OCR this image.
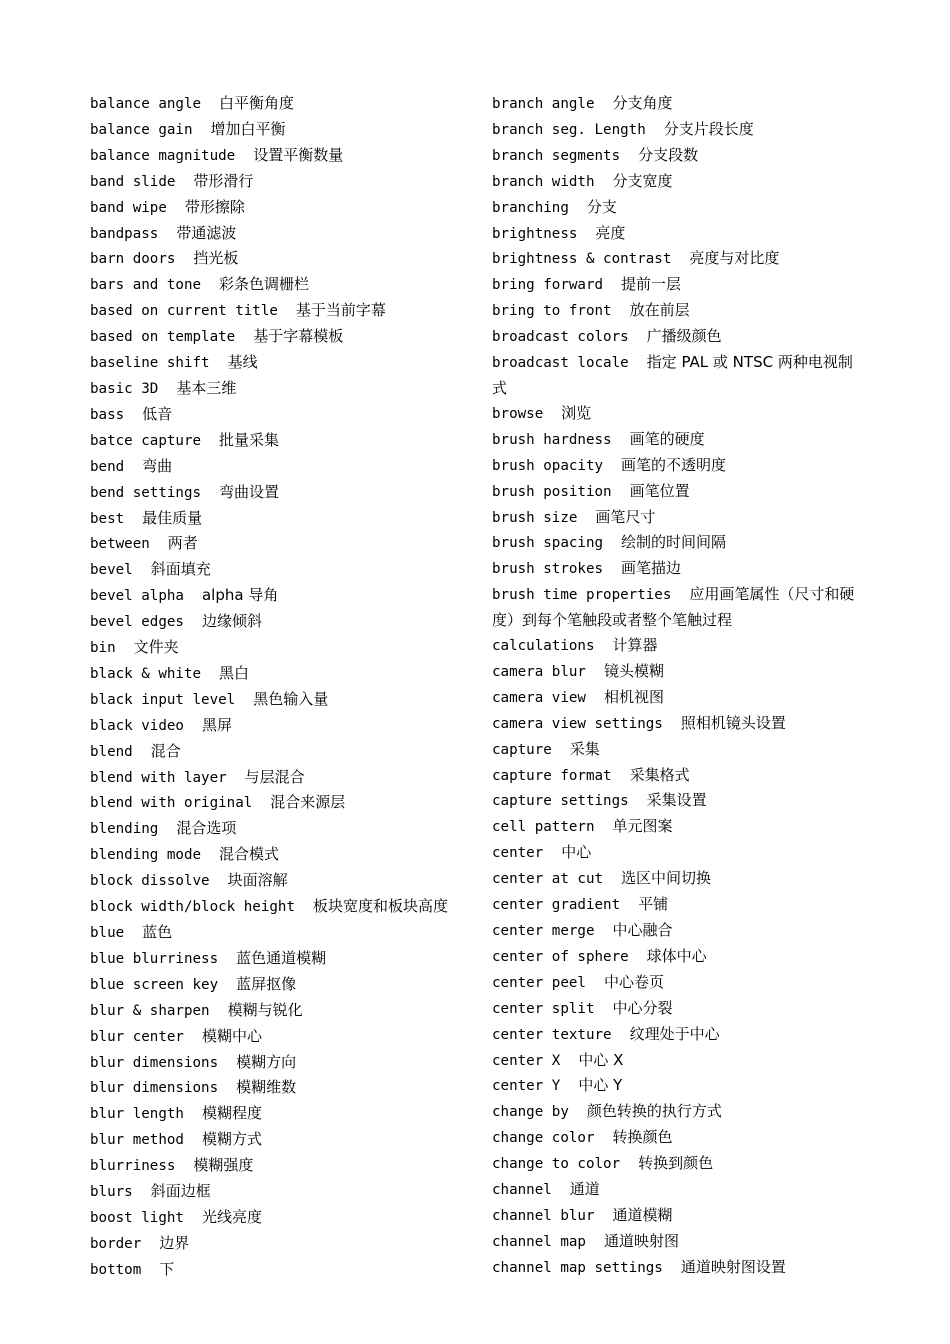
balance angle 白平衡角度
balance gain 增加白平衡
balance magnitude 设置平衡数量
band slide 带形滑行
band wipe 带形擦除
bandpass 带通滤波
barn doors 挡光板
bars and tone 彩条色调栅栏
based on current title 基于当前字幕
based on template 基于字幕模板
baseline shift 基线
basic 3D 基本三维
bass 低音
batce capture 批量采集
bend 弯曲
bend settings 弯曲设置
best 最佳质量
between 两者
bevel 斜面填充
bevel alpha alpha 导角
bevel edges 边缘倾斜
bin 文件夹
black & white 黑白
black input level 黑色输入量
black video 黑屏
blend 混合
blend with layer 与层混合
blend with original 混合来源层
blending 混合选项
blending mode 混合模式
block dissolve 块面溶解
block width/block height 板块宽度和板块高度
blue 蓝色
blue blurriness 蓝色通道模糊
blue screen key 蓝屏抠像
blur & sharpen 模糊与锐化
blur center 模糊中心
blur dimensions 模糊方向
blur dimensions 模糊维数
blur length 模糊程度
blur method 模糊方式
blurriness 模糊强度
blurs 斜面边框
boost light 光线亮度
border 边界
bottom 下
branch angle 分支角度
branch seg. Length 分支片段长度
branch segments 分支段数
branch width 分支宽度
branching 分支
brightness 亮度
brightness & contrast 亮度与对比度
bring forward 提前一层
bring to front 放在前层
broadcast colors 广播级颜色
broadcast locale 指定 PAL 或 NTSC 两种电视制式
browse 浏览
brush hardness 画笔的硬度
brush opacity 画笔的不透明度
brush position 画笔位置
brush size 画笔尺寸
brush spacing 绘制的时间间隔
brush strokes 画笔描边
brush time properties 应用画笔属性（尺寸和硬度）到每个笔触段或者整个笔触过程
calculations 计算器
camera blur 镜头模糊
camera view 相机视图
camera view settings 照相机镜头设置
capture 采集
capture format 采集格式
capture settings 采集设置
cell pattern 单元图案
center 中心
center at cut 选区中间切换
center gradient 平铺
center merge 中心融合
center of sphere 球体中心
center peel 中心卷页
center split 中心分裂
center texture 纹理处于中心
center X 中心 X
center Y 中心 Y
change by 颜色转换的执行方式
change color 转换颜色
change to color 转换到颜色
channel 通道
channel blur 通道模糊
channel map 通道映射图
channel map settings 通道映射图设置
